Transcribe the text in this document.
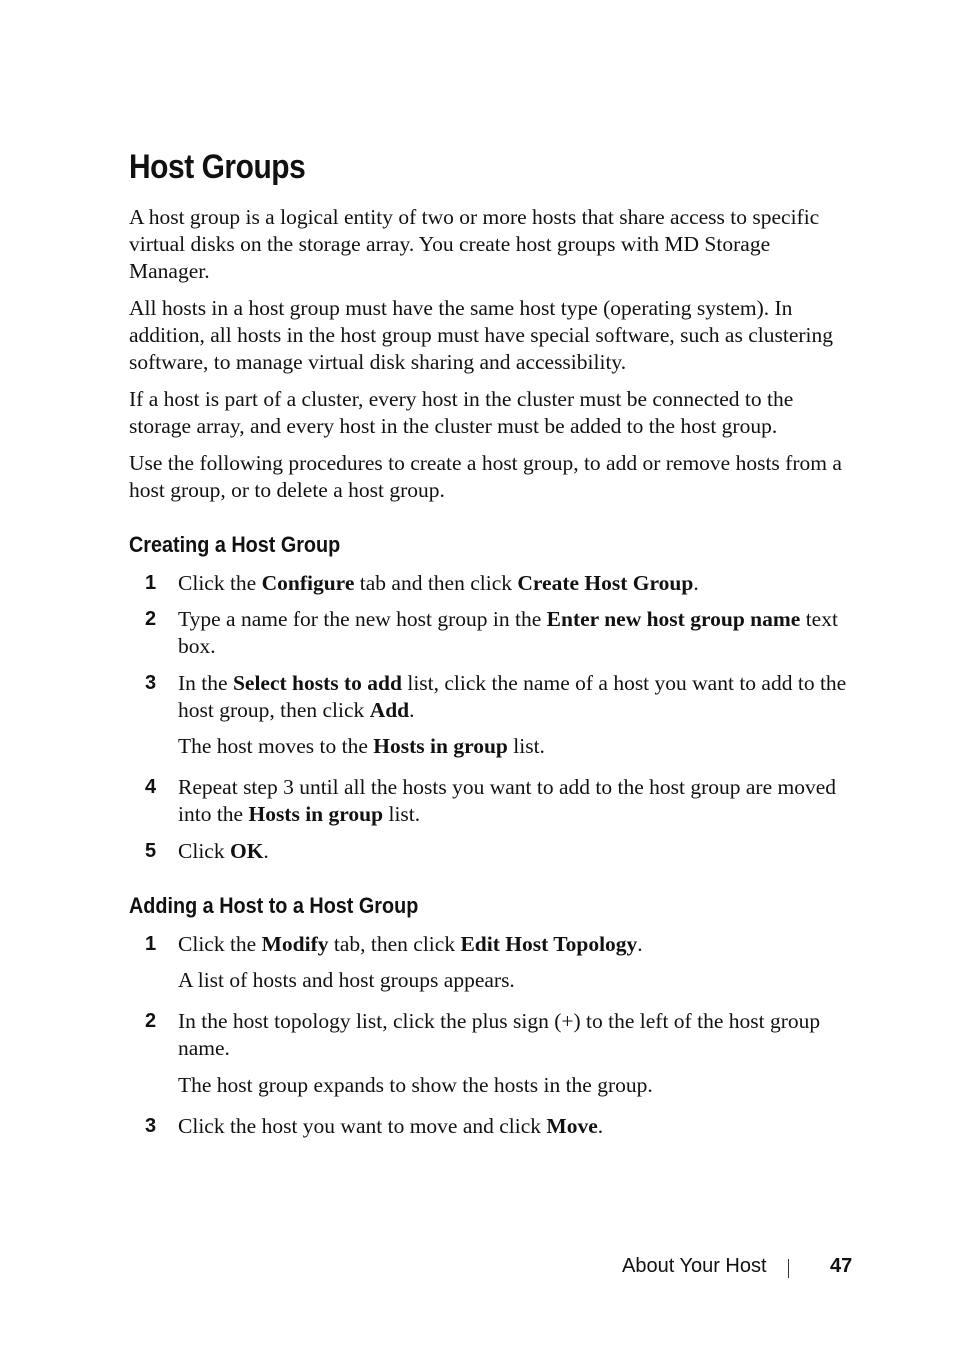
Host Groups

A host group is a logical entity of two or more hosts that share access to specific virtual disks on the storage array. You create host groups with MD Storage Manager.

All hosts in a host group must have the same host type (operating system). In addition, all hosts in the host group must have special software, such as clustering software, to manage virtual disk sharing and accessibility.

If a host is part of a cluster, every host in the cluster must be connected to the storage array, and every host in the cluster must be added to the host group.

Use the following procedures to create a host group, to add or remove hosts from a host group, or to delete a host group.

Creating a Host Group
1	Click the Configure tab and then click Create Host Group.

2	Type a name for the new host group in the Enter new host group name text box.

3	In the Select hosts to add list, click the name of a host you want to add to the host group, then click Add.

The host moves to the Hosts in group list.

4	Repeat step 3 until all the hosts you want to add to the host group are moved into the Hosts in group list.

5	Click OK.

Adding a Host to a Host Group
1	Click the Modify tab, then click Edit Host Topology.

A list of hosts and host groups appears.

2	In the host topology list, click the plus sign (+) to the left of the host group name.

The host group expands to show the hosts in the group.

3	Click the host you want to move and click Move.

About Your Host	47
